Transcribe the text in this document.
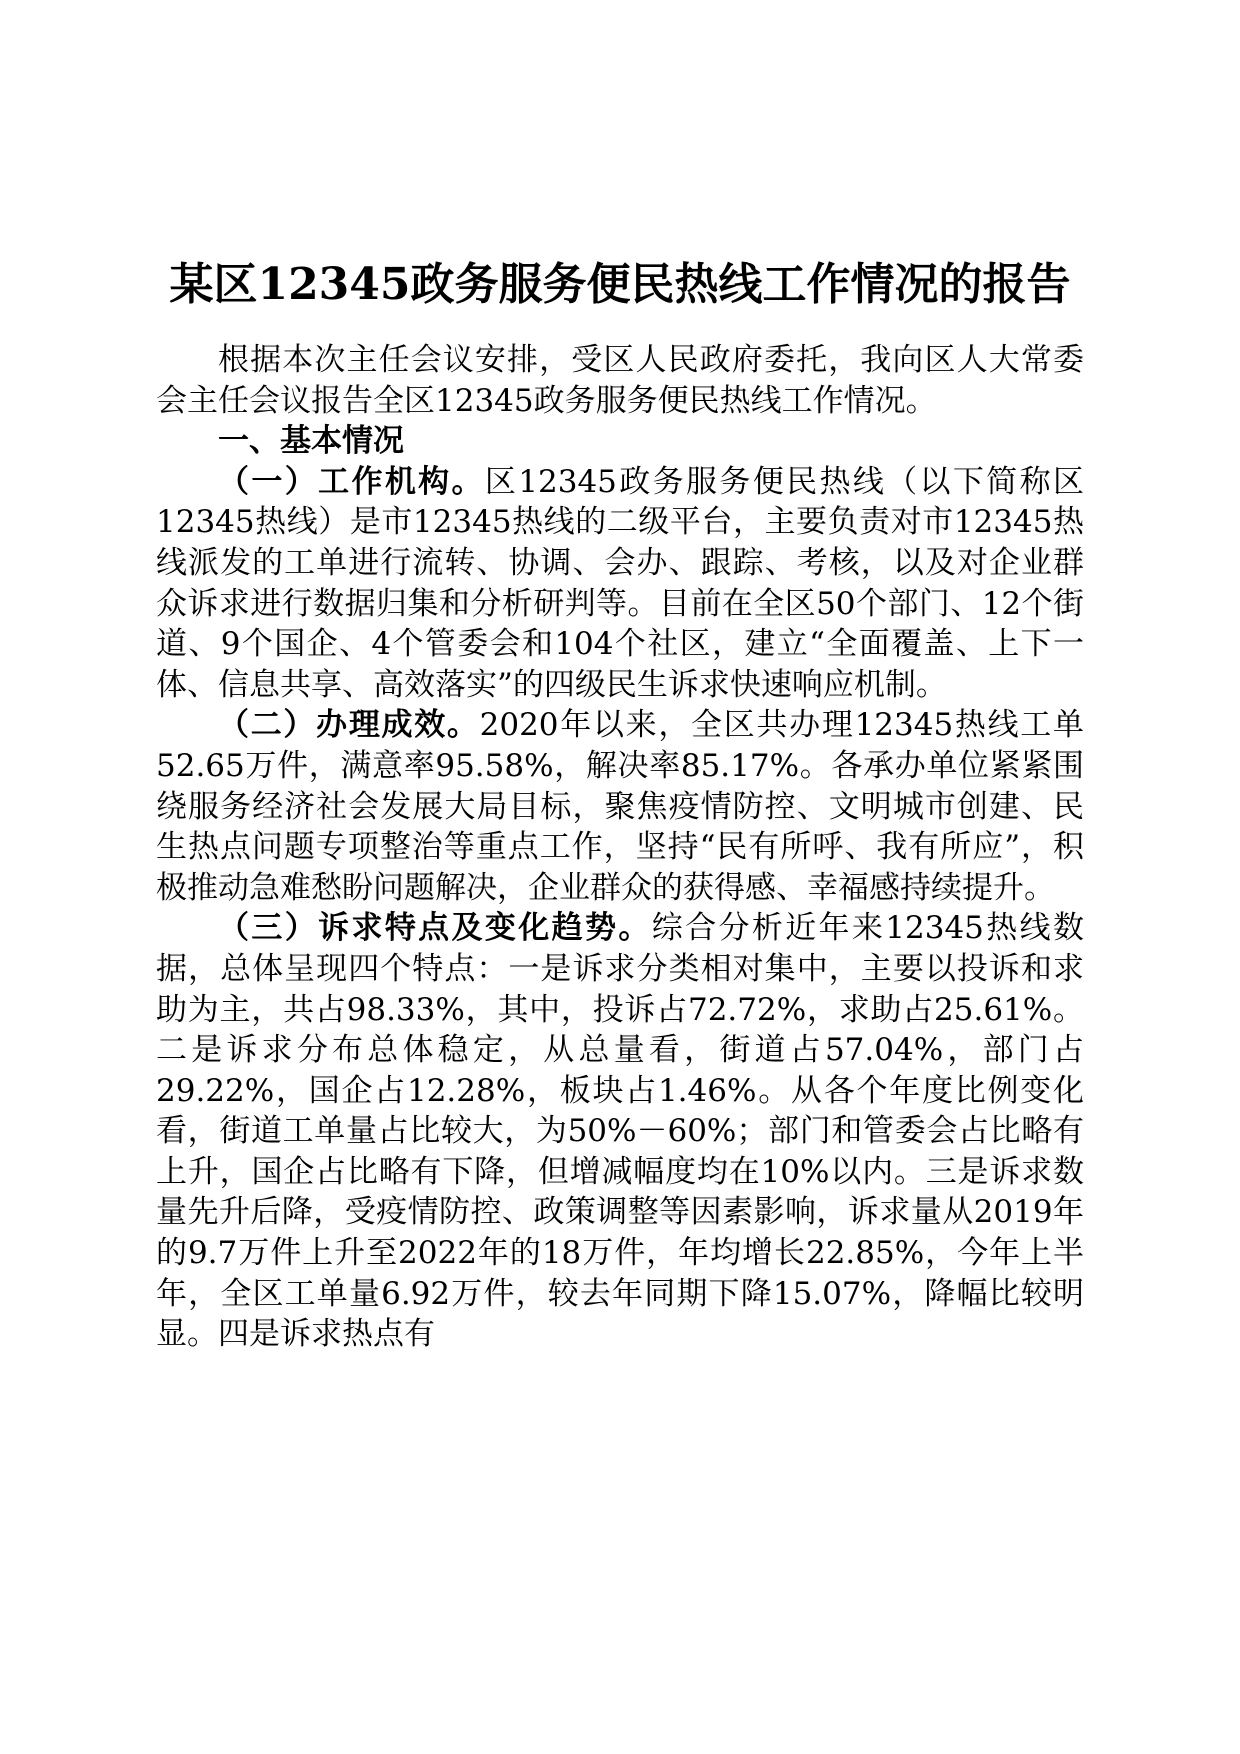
某区12345政务服务便民热线工作情况的报告

根据本次主任会议安排，受区人民政府委托，我向区人大常委会主任会议报告全区12345政务服务便民热线工作情况。

一、基本情况

（一）工作机构。区12345政务服务便民热线（以下简称区12345热线）是市12345热线的二级平台，主要负责对市12345热线派发的工单进行流转、协调、会办、跟踪、考核，以及对企业群众诉求进行数据归集和分析研判等。目前在全区50个部门、12个街道、9个国企、4个管委会和104个社区，建立“全面覆盖、上下一体、信息共享、高效落实”的四级民生诉求快速响应机制。

（二）办理成效。2020年以来，全区共办理12345热线工单52.65万件，满意率95.58%，解决率85.17%。各承办单位紧紧围绕服务经济社会发展大局目标，聚焦疫情防控、文明城市创建、民生热点问题专项整治等重点工作，坚持“民有所呼、我有所应”，积极推动急难愁盼问题解决，企业群众的获得感、幸福感持续提升。

（三）诉求特点及变化趋势。综合分析近年来12345热线数据，总体呈现四个特点：一是诉求分类相对集中，主要以投诉和求助为主，共占98.33%，其中，投诉占72.72%，求助占25.61%。二是诉求分布总体稳定，从总量看，街道占57.04%，部门占29.22%，国企占12.28%，板块占1.46%。从各个年度比例变化看，街道工单量占比较大，为50%－60%；部门和管委会占比略有上升，国企占比略有下降，但增减幅度均在10%以内。三是诉求数量先升后降，受疫情防控、政策调整等因素影响，诉求量从2019年的9.7万件上升至2022年的18万件，年均增长22.85%，今年上半年，全区工单量6.92万件，较去年同期下降15.07%，降幅比较明显。四是诉求热点有
